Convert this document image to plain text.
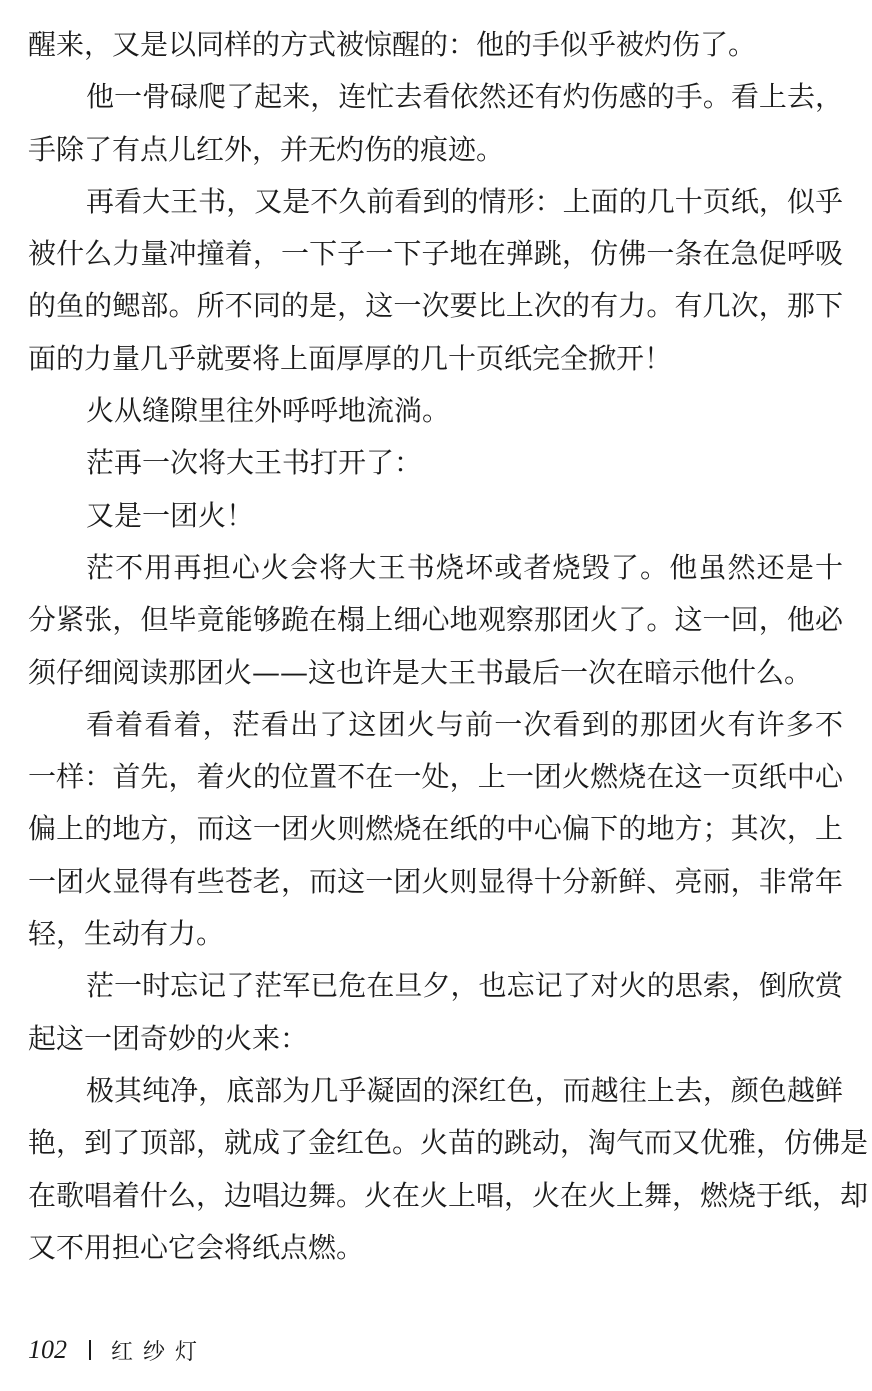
醒来，又是以同样的方式被惊醒的：他的手似乎被灼伤了。
他一骨碌爬了起来，连忙去看依然还有灼伤感的手。看上去，
手除了有点儿红外，并无灼伤的痕迹。
再看大王书，又是不久前看到的情形：上面的几十页纸，似乎
被什么力量冲撞着，一下子一下子地在弹跳，仿佛一条在急促呼吸
的鱼的鳃部。所不同的是，这一次要比上次的有力。有几次，那下
面的力量几乎就要将上面厚厚的几十页纸完全掀开！
火从缝隙里往外呼呼地流淌。
茫再一次将大王书打开了：
又是一团火！
茫不用再担心火会将大王书烧坏或者烧毁了。他虽然还是十
分紧张，但毕竟能够跪在榻上细心地观察那团火了。这一回，他必
须仔细阅读那团火——这也许是大王书最后一次在暗示他什么。
看着看着，茫看出了这团火与前一次看到的那团火有许多不
一样：首先，着火的位置不在一处，上一团火燃烧在这一页纸中心
偏上的地方，而这一团火则燃烧在纸的中心偏下的地方；其次，上
一团火显得有些苍老，而这一团火则显得十分新鲜、亮丽，非常年
轻，生动有力。
茫一时忘记了茫军已危在旦夕，也忘记了对火的思索，倒欣赏
起这一团奇妙的火来：
极其纯净，底部为几乎凝固的深红色，而越往上去，颜色越鲜
艳，到了顶部，就成了金红色。火苗的跳动，淘气而又优雅，仿佛是
在歌唱着什么，边唱边舞。火在火上唱，火在火上舞，燃烧于纸，却
又不用担心它会将纸点燃。
102 红纱灯
